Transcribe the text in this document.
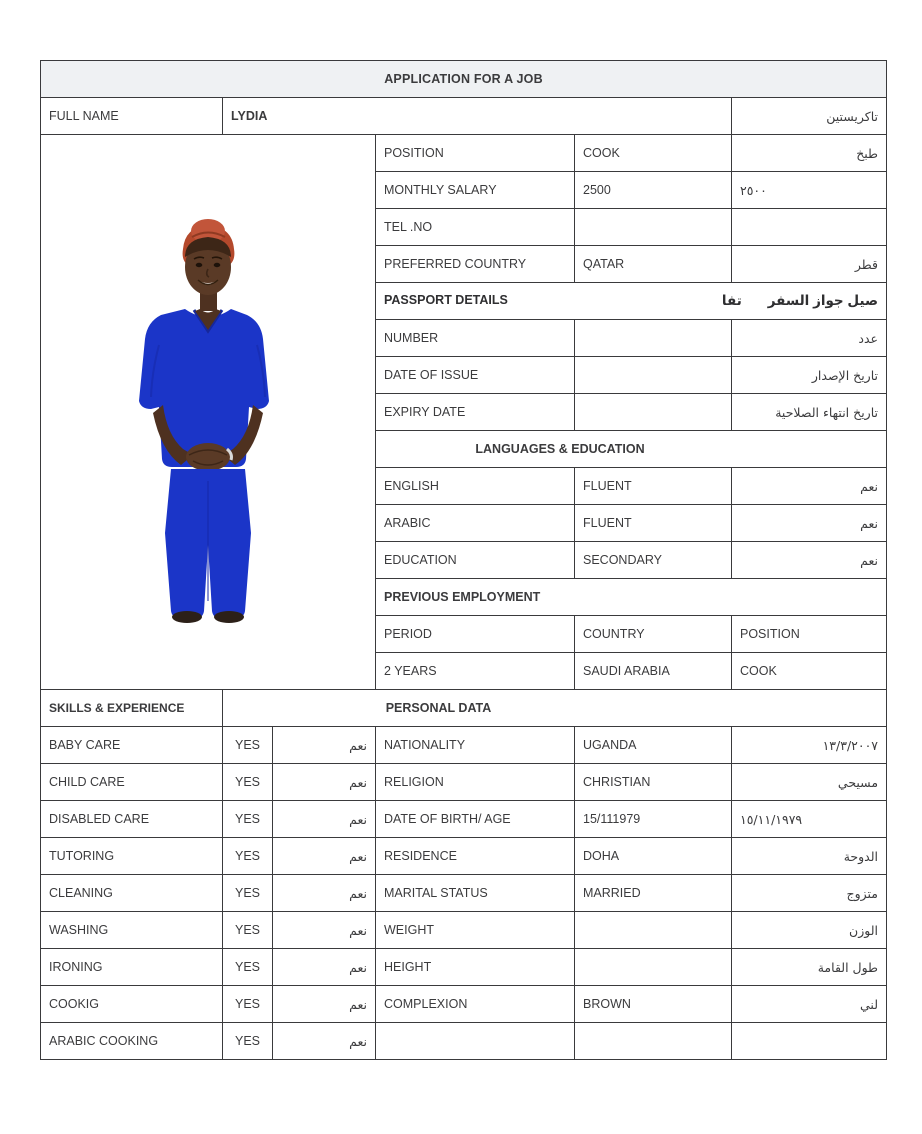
APPLICATION FOR A JOB					
FULL NAME	LYDIA				تاكريستين

	POSITION	COOK	طبخ
			MONTHLY SALARY	2500	٢٥٠٠
			TEL .NO		
			PREFERRED COUNTRY	QATAR	قطر
			PASSPORT DETAILS صيل جواز السفرتفا		

			NUMBER		عدد
			DATE OF ISSUE		تاريخ الإصدار
			EXPIRY DATE		تاريخ انتهاء الصلاحية
			LANGUAGES & EDUCATION		
			ENGLISH	FLUENT	نعم
			ARABIC	FLUENT	نعم
			EDUCATION	SECONDARY	نعم
			PREVIOUS EMPLOYMENT		
			PERIOD	COUNTRY	POSITION
			2 YEARS	SAUDI ARABIA	COOK
SKILLS & EXPERIENCE	PERSONAL DATA				
BABY CARE	YES	نعم	NATIONALITY	UGANDA	١٣/٣/٢٠٠٧
CHILD CARE	YES	نعم	RELIGION	CHRISTIAN	مسيحي
DISABLED CARE	YES	نعم	DATE OF BIRTH/ AGE	15/111979	١٥/١١/١٩٧٩
TUTORING	YES	نعم	RESIDENCE	DOHA	الدوحة
CLEANING	YES	نعم	MARITAL STATUS	MARRIED	متزوج
WASHING	YES	نعم	WEIGHT		الوزن
IRONING	YES	نعم	HEIGHT		طول القامة
COOKIG	YES	نعم	COMPLEXION	BROWN	لني
ARABIC COOKING	YES	نعم			
